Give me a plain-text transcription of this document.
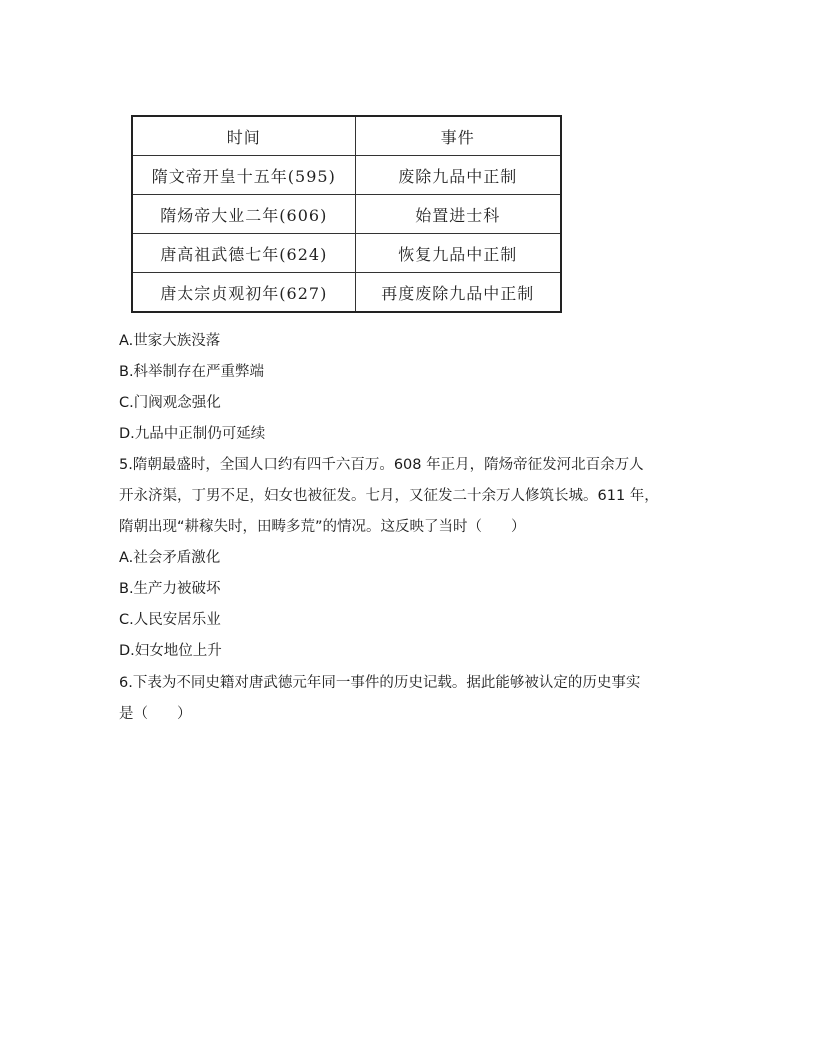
时间	事件
隋文帝开皇十五年(595)	废除九品中正制
隋炀帝大业二年(606)	始置进士科
唐高祖武德七年(624)	恢复九品中正制
唐太宗贞观初年(627)	再度废除九品中正制
A.世家大族没落
B.科举制存在严重弊端
C.门阀观念强化
D.九品中正制仍可延续
5.隋朝最盛时，全国人口约有四千六百万。608 年正月，隋炀帝征发河北百余万人
开永济渠，丁男不足，妇女也被征发。七月，又征发二十余万人修筑长城。611 年，
隋朝出现“耕稼失时，田畴多荒”的情况。这反映了当时（　　）
A.社会矛盾激化
B.生产力被破坏
C.人民安居乐业
D.妇女地位上升
6.下表为不同史籍对唐武德元年同一事件的历史记载。据此能够被认定的历史事实
是（　　）
